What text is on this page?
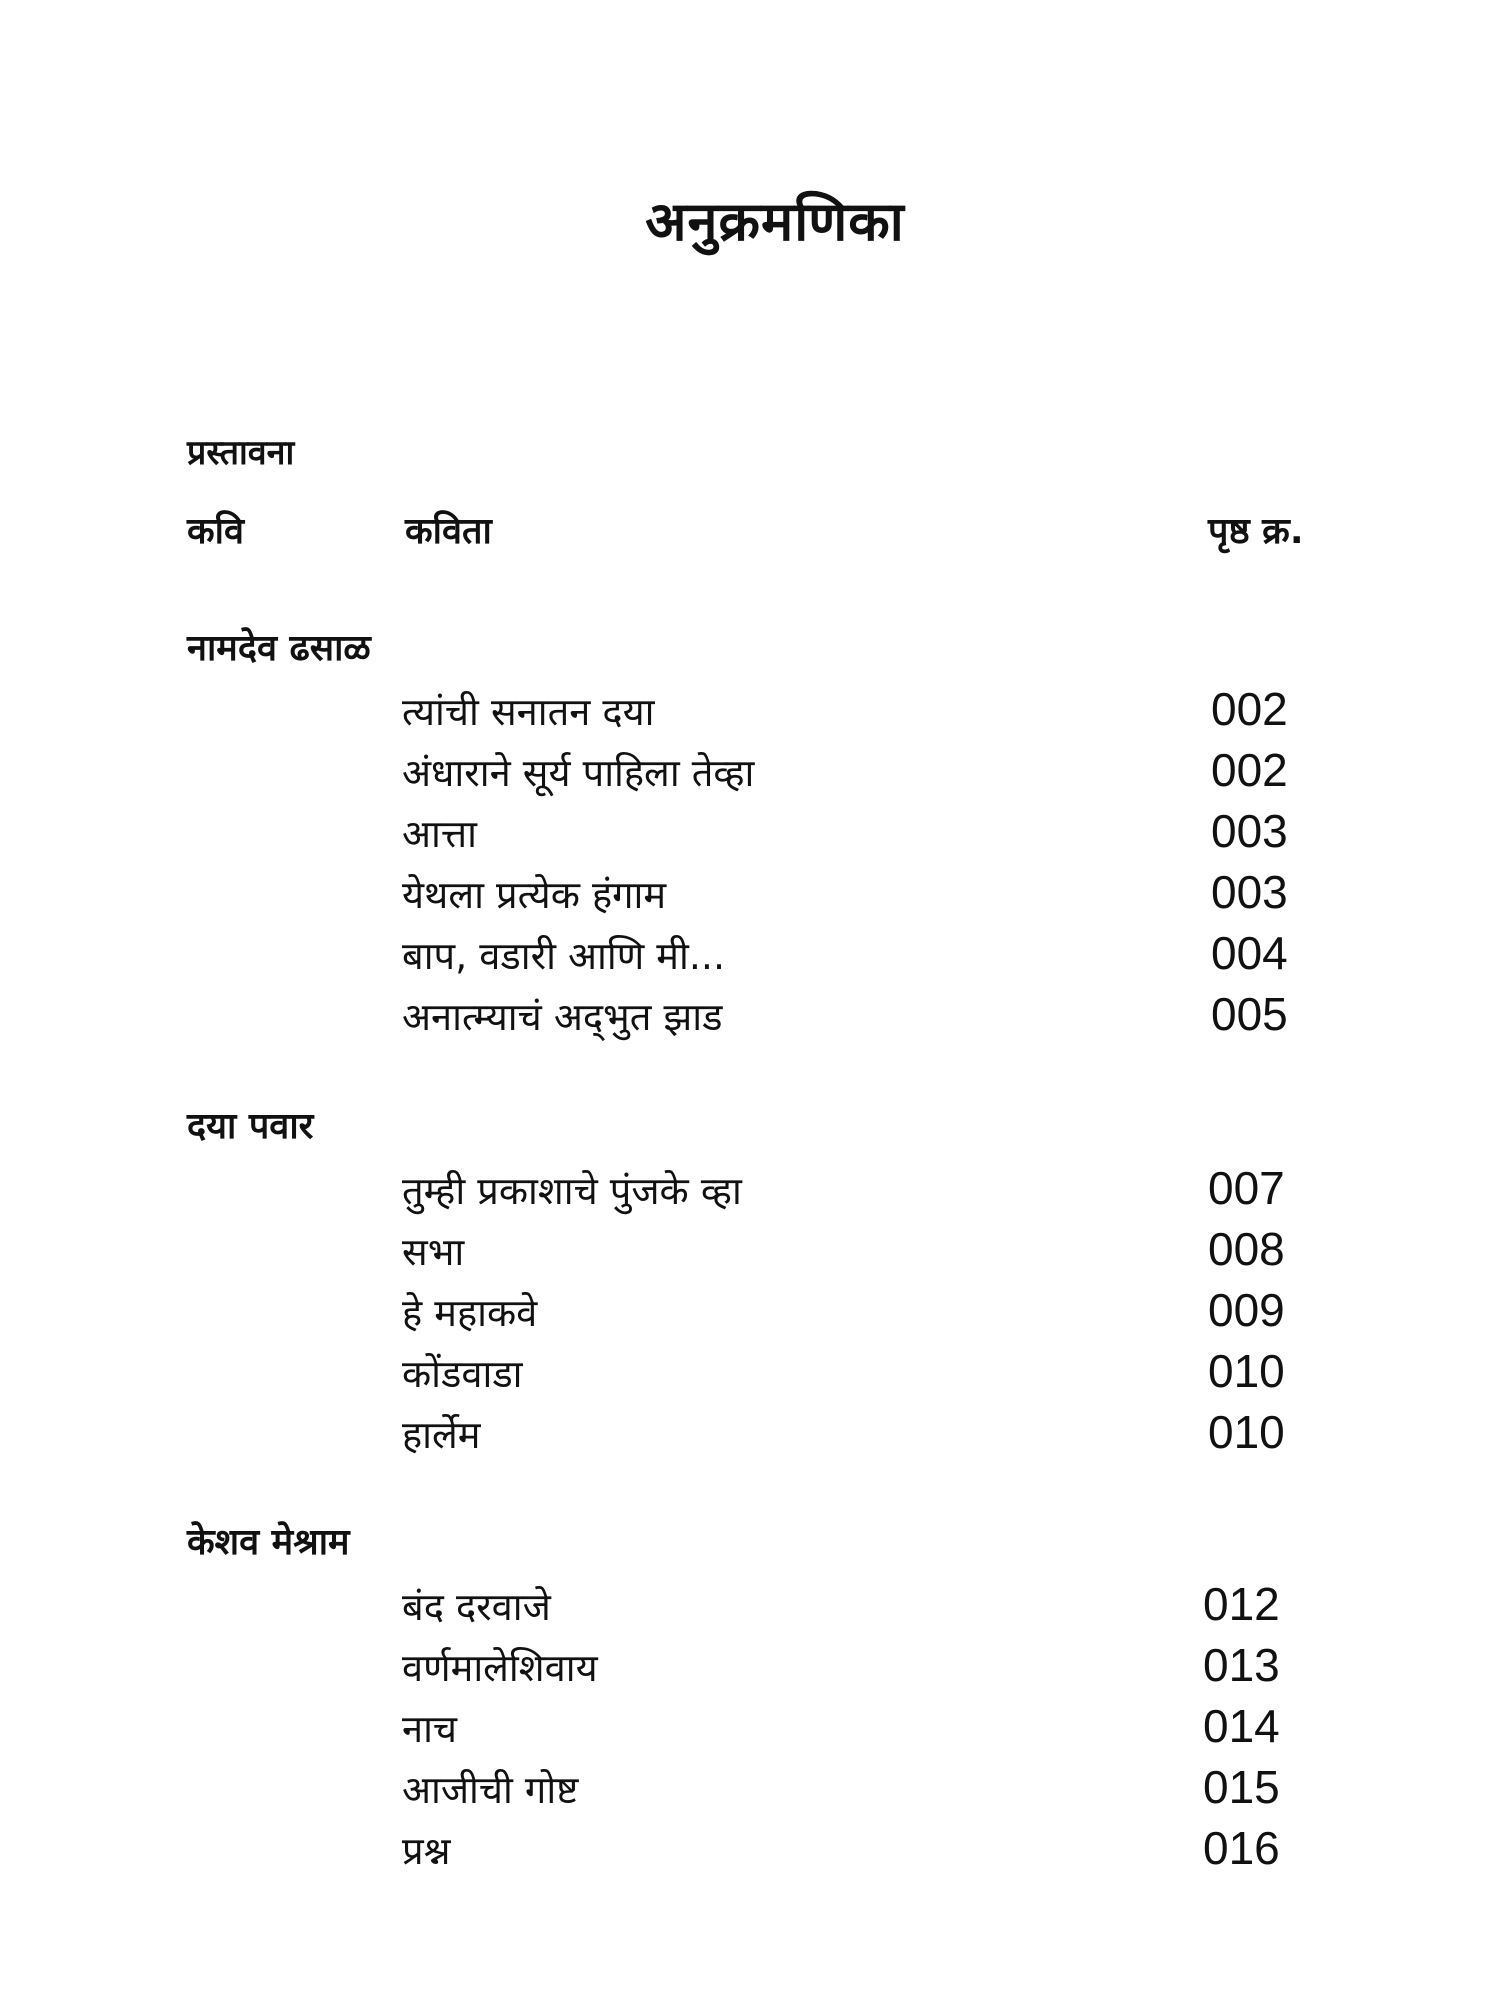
अनुक्रमणिका
प्रस्तावना
कवि	कविता	पृष्ठ क्र.
नामदेव ढसाळ
त्यांची सनातन दया	002
अंधाराने सूर्य पाहिला तेव्हा	002
आत्ता	003
येथला प्रत्येक हंगाम	003
बाप, वडारी आणि मी...	004
अनात्म्याचं अद्‌भुत झाड	005
दया पवार
तुम्ही प्रकाशाचे पुंजके व्हा	007
सभा	008
हे महाकवे	009
कोंडवाडा	010
हार्लेम	010
केशव मेश्राम
बंद दरवाजे	012
वर्णमालेशिवाय	013
नाच	014
आजीची गोष्ट	015
प्रश्न	016
